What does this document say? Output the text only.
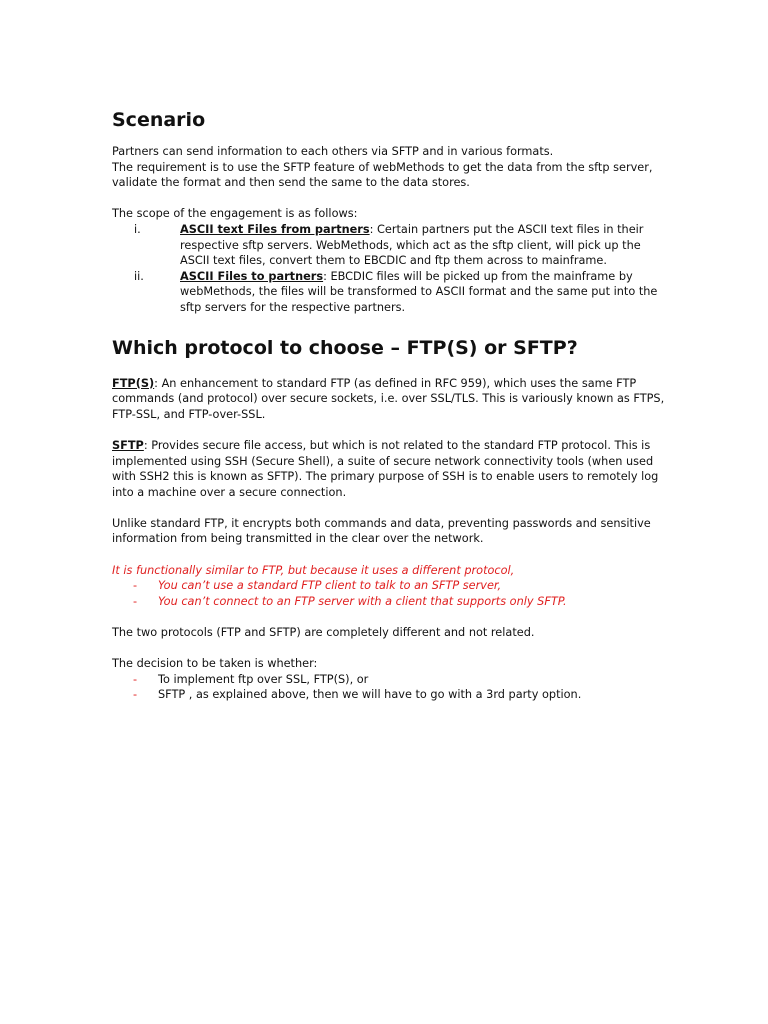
Scenario

Partners can send information to each others via SFTP and in various formats.

The requirement is to use the SFTP feature of webMethods to get the data from the sftp server, validate the format and then send the same to the data stores.

The scope of the engagement is as follows:

i.	ASCII text Files from partners: Certain partners put the ASCII text files in their respective sftp servers. WebMethods, which act as the sftp client, will pick up the ASCII text files, convert them to EBCDIC and ftp them across to mainframe.
ii.	ASCII Files to partners: EBCDIC files will be picked up from the mainframe by webMethods, the files will be transformed to ASCII format and the same put into the sftp servers for the respective partners.
Which protocol to choose – FTP(S) or SFTP?

FTP(S): An enhancement to standard FTP (as defined in RFC 959), which uses the same FTP commands (and protocol) over secure sockets, i.e. over SSL/TLS. This is variously known as FTPS, FTP-SSL, and FTP-over-SSL.

SFTP: Provides secure file access, but which is not related to the standard FTP protocol. This is implemented using SSH (Secure Shell), a suite of secure network connectivity tools (when used with SSH2 this is known as SFTP). The primary purpose of SSH is to enable users to remotely log into a machine over a secure connection.

Unlike standard FTP, it encrypts both commands and data, preventing passwords and sensitive information from being transmitted in the clear over the network.

It is functionally similar to FTP, but because it uses a different protocol,

-	You can’t use a standard FTP client to talk to an SFTP server,
-	You can’t connect to an FTP server with a client that supports only SFTP.

The two protocols (FTP and SFTP) are completely different and not related.

The decision to be taken is whether:

-	To implement ftp over SSL, FTP(S), or
-	SFTP , as explained above, then we will have to go with a 3rd party option.
